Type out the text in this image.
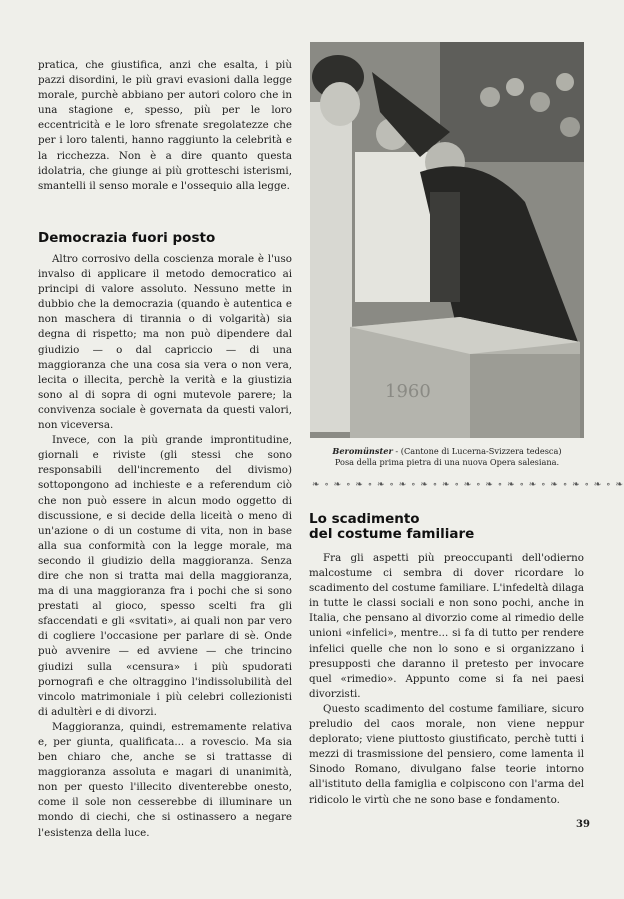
pratica, che giustifica, anzi che esalta, i più pazzi disordini, le più gravi evasioni dalla legge morale, purchè abbiano per autori coloro che in una stagione e, spesso, più per le loro eccentricità e le loro sfrenate sregolatezze che per i loro talenti, hanno raggiunto la celebrità e la ricchezza. Non è a dire quanto questa idolatria, che giunge ai più grotteschi isterismi, smantelli il senso morale e l'ossequio alla legge.

Democrazia fuori posto

Altro corrosivo della coscienza morale è l'uso invalso di applicare il metodo democratico ai principi di valore assoluto. Nessuno mette in dubbio che la democrazia (quando è autentica e non maschera di tirannia o di volgarità) sia degna di rispetto; ma non può dipendere dal giudizio — o dal capriccio — di una maggioranza che una cosa sia vera o non vera, lecita o illecita, perchè la verità e la giustizia sono al di sopra di ogni mutevole parere; la convivenza sociale è governata da questi valori, non viceversa.

Invece, con la più grande improntitudine, giornali e riviste (gli stessi che sono responsabili dell'incremento del divismo) sottopongono ad inchieste e a referendum ciò che non può essere in alcun modo oggetto di discussione, e si decide della liceità o meno di un'azione o di un costume di vita, non in base alla sua conformità con la legge morale, ma secondo il giudizio della maggioranza. Senza dire che non si tratta mai della maggioranza, ma di una maggioranza fra i pochi che si sono prestati al gioco, spesso scelti fra gli sfaccendati e gli «svitati», ai quali non par vero di cogliere l'occasione per parlare di sè. Onde può avvenire — ed avviene — che trincino giudizi sulla «censura» i più spudorati pornografi e che oltraggino l'indissolubilità del vincolo matrimoniale i più celebri collezionisti di adultèri e di divorzi.

Maggioranza, quindi, estremamente relativa e, per giunta, qualificata... a rovescio. Ma sia ben chiaro che, anche se si trattasse di maggioranza assoluta e magari di unanimità, non per questo l'illecito diventerebbe onesto, come il sole non cesserebbe di illuminare un mondo di ciechi, che si ostinassero a negare l'esistenza della luce.

1960
Beromünster - (Cantone di Lucerna-Svizzera tedesca)
Posa della prima pietra di una nuova Opera salesiana.
❧ ∘ ❧ ∘ ❧ ∘ ❧ ∘ ❧ ∘ ❧ ∘ ❧ ∘ ❧ ∘ ❧ ∘ ❧ ∘ ❧ ∘ ❧ ∘ ❧ ∘ ❧ ∘ ❧
Lo scadimento
del costume familiare

Fra gli aspetti più preoccupanti dell'odierno malcostume ci sembra di dover ricordare lo scadimento del costume familiare. L'infedeltà dilaga in tutte le classi sociali e non sono pochi, anche in Italia, che pensano al divorzio come al rimedio delle unioni «infelici», mentre... si fa di tutto per rendere infelici quelle che non lo sono e si organizzano i presupposti che daranno il pretesto per invocare quel «rimedio». Appunto come si fa nei paesi divorzisti.

Questo scadimento del costume familiare, sicuro preludio del caos morale, non viene neppur deplorato; viene piuttosto giustificato, perchè tutti i mezzi di trasmissione del pensiero, come lamenta il Sinodo Romano, divulgano false teorie intorno all'istituto della famiglia e colpiscono con l'arma del ridicolo le virtù che ne sono base e fondamento.

39
